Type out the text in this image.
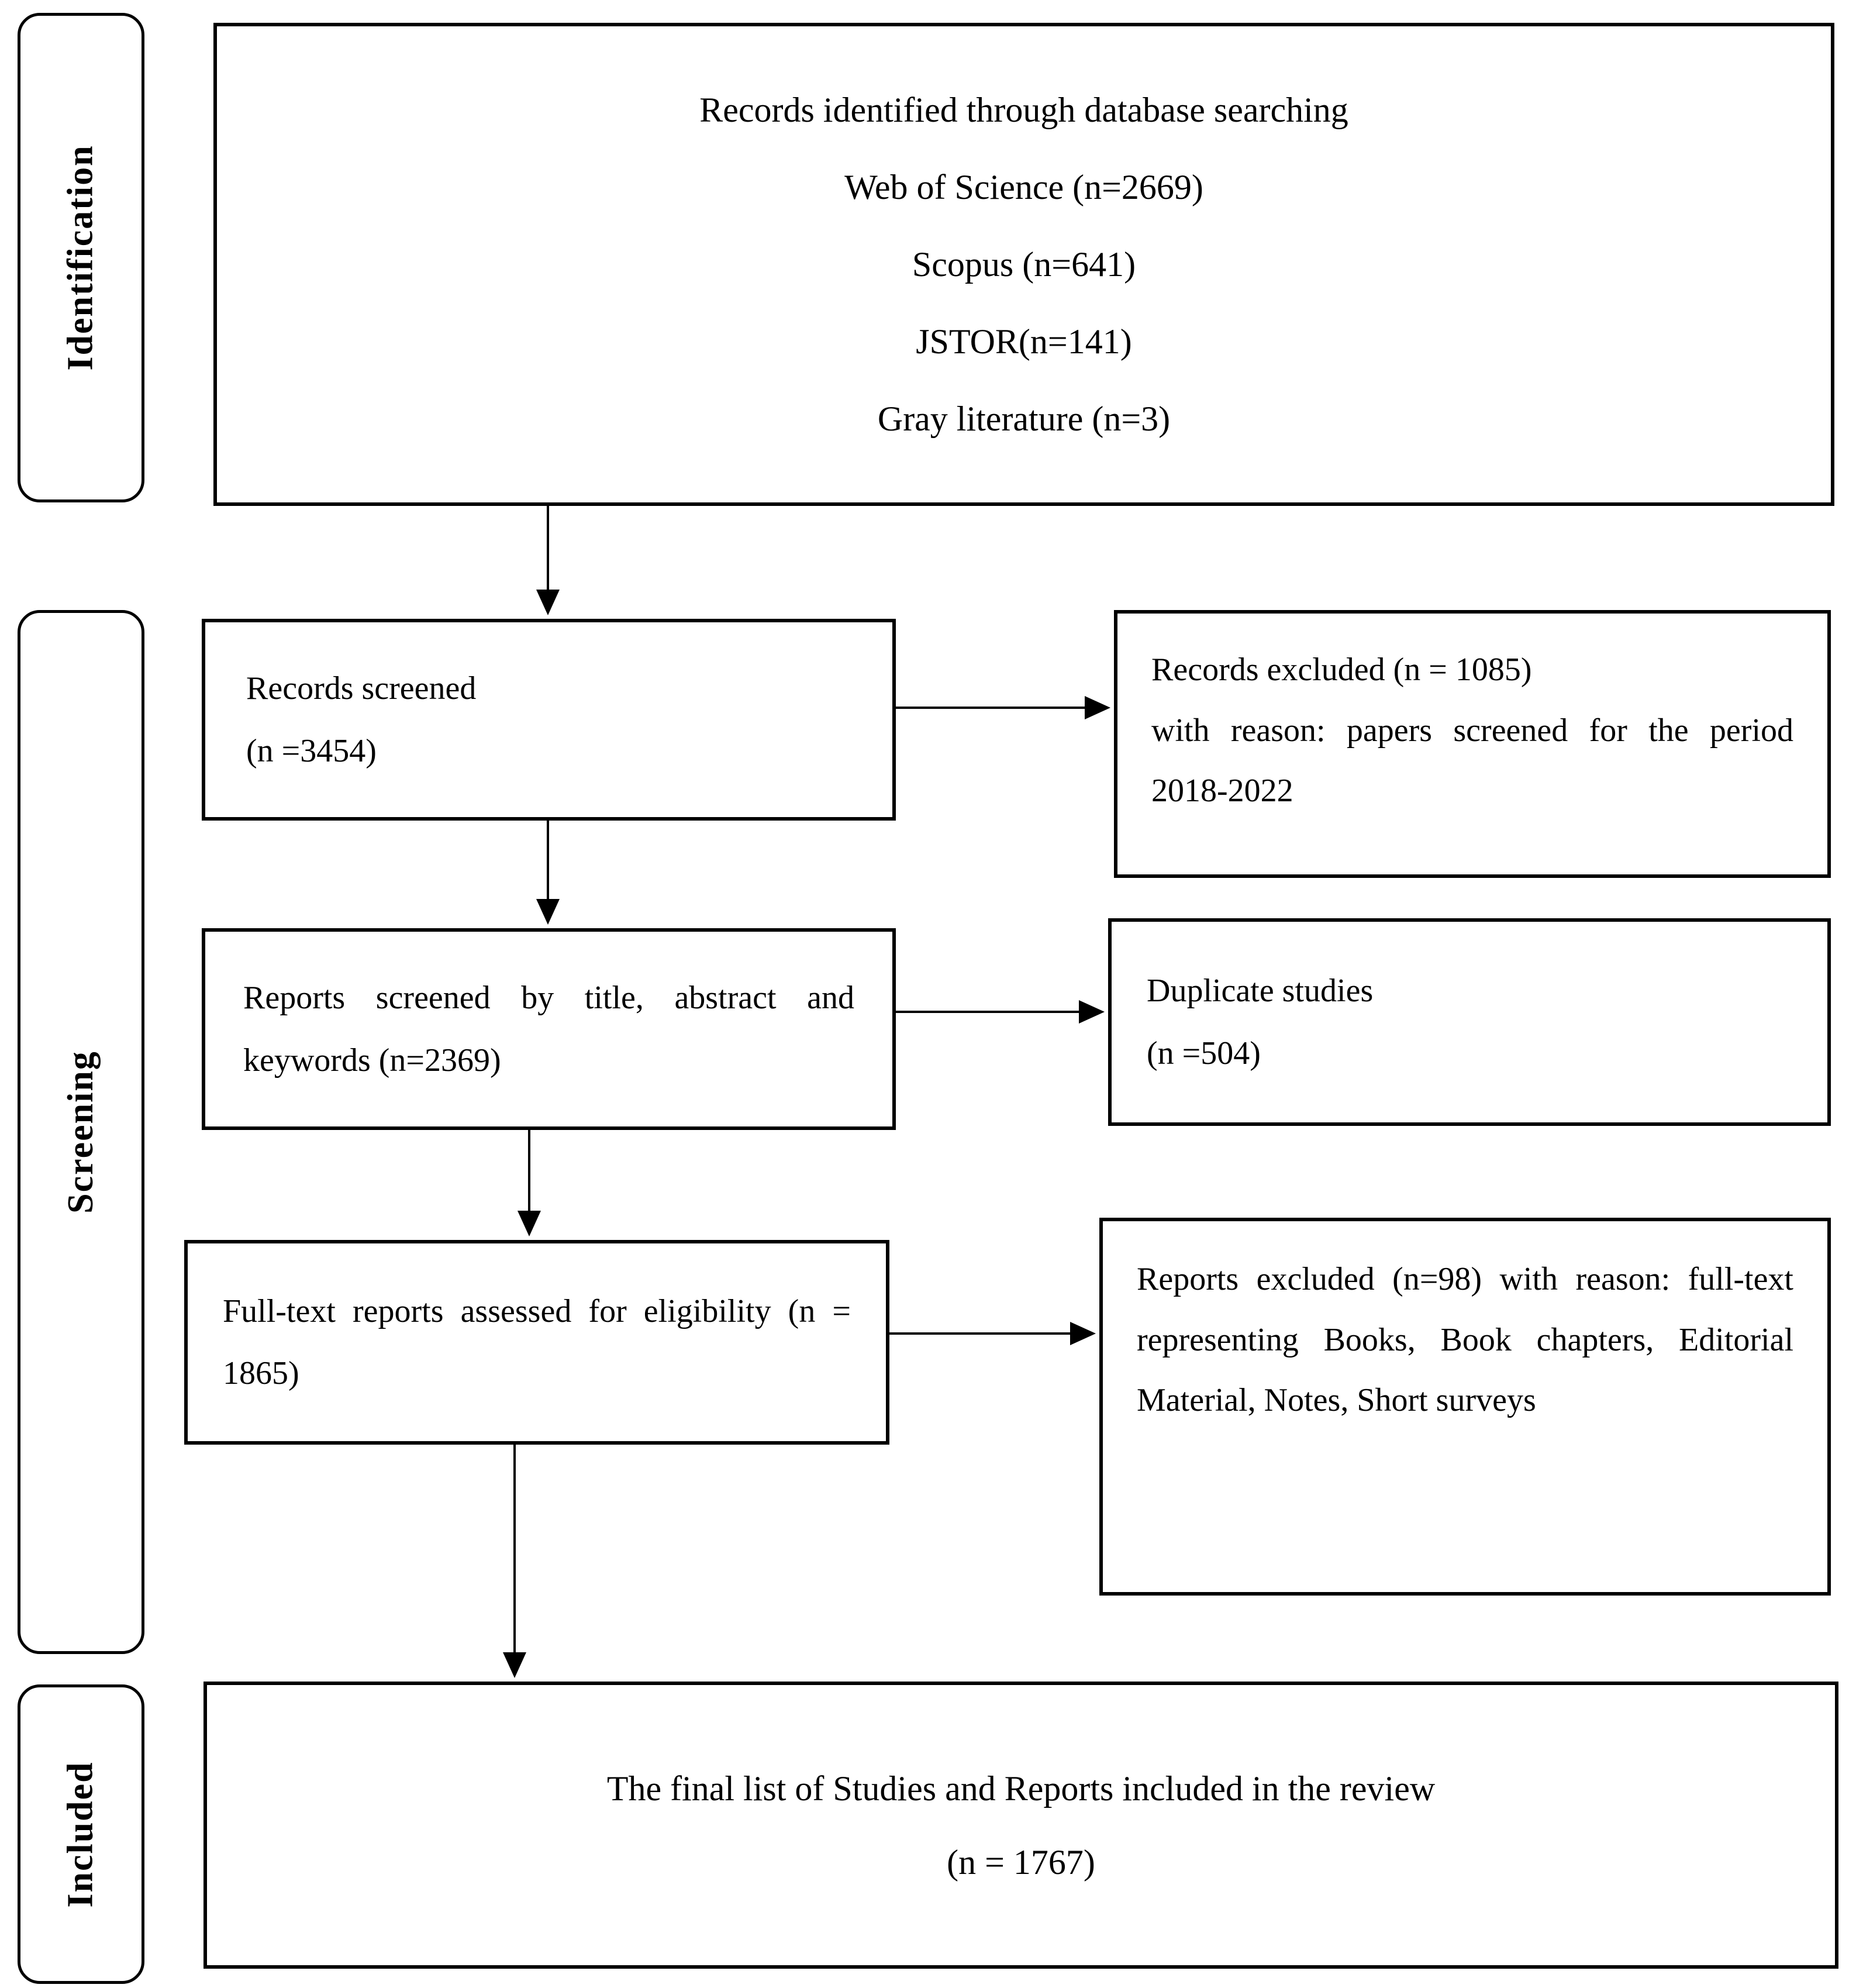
Identification
Screening
Included
Records identified through database searching
Web of Science (n=2669)
Scopus (n=641)
JSTOR(n=141)
Gray literature (n=3)
Records screened
(n =3454)

Records excluded (n = 1085)

with reason: papers screened for the period 2018-2022

Reports screened by title, abstract and keywords (n=2369)

Duplicate studies
(n =504)

Full-text reports assessed for eligibility (n = 1865)

Reports excluded (n=98) with reason: full-text representing Books, Book chapters, Editorial Material, Notes, Short surveys

The final list of Studies and Reports included in the review
(n = 1767)
